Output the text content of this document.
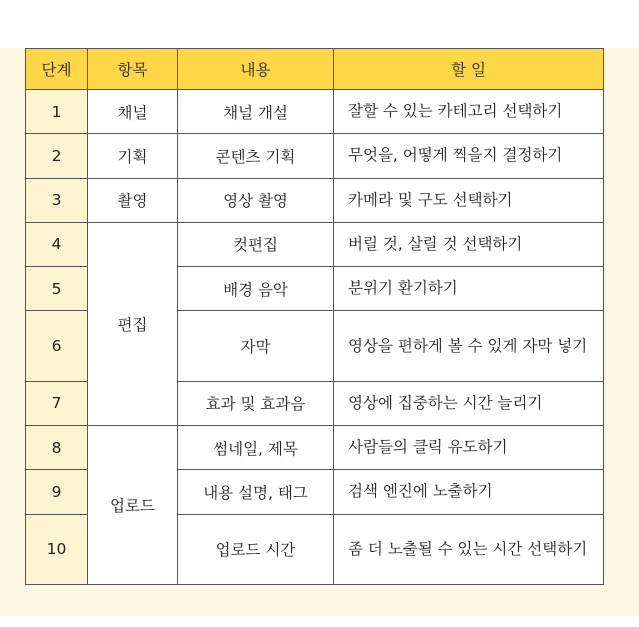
단계	항목	내용	할 일
1	채널	채널 개설	잘할 수 있는 카테고리 선택하기
2	기획	콘텐츠 기획	무엇을, 어떻게 찍을지 결정하기
3	촬영	영상 촬영	카메라 및 구도 선택하기
4	편집	컷편집	버릴 것, 살릴 것 선택하기
5		배경 음악	분위기 환기하기
6		자막	영상을 편하게 볼 수 있게 자막 넣기
7		효과 및 효과음	영상에 집중하는 시간 늘리기
8	업로드	썸네일, 제목	사람들의 클릭 유도하기
9		내용 설명, 태그	검색 엔진에 노출하기
10		업로드 시간	좀 더 노출될 수 있는 시간 선택하기
